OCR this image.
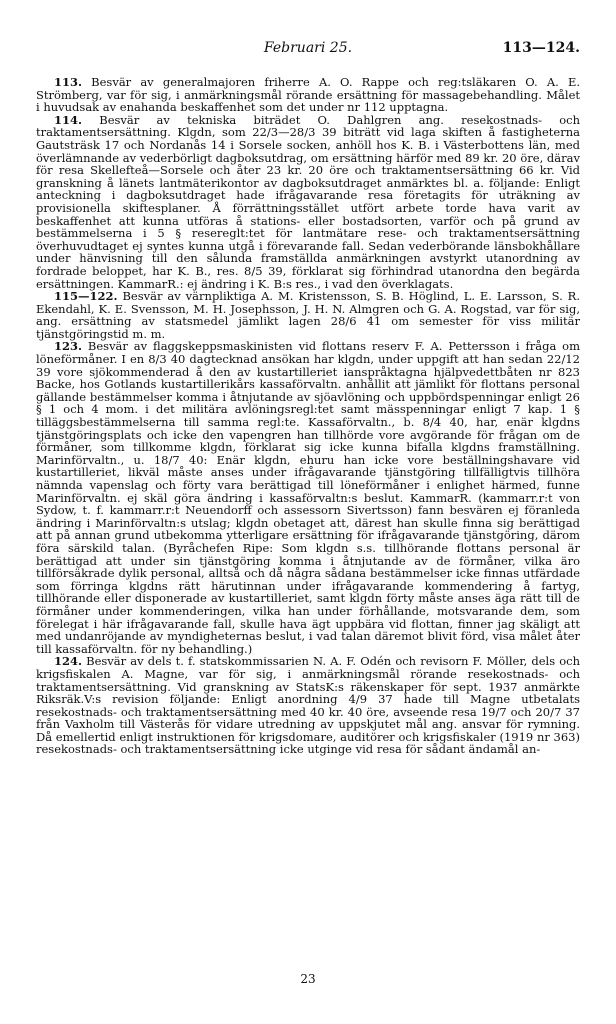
Februari 25.	113—124.

113. Besvär av generalmajoren friherre A. O. Rappe och reg:tsläkaren O. A. E. Strömberg, var för sig, i anmärkningsmål rörande ersättning för massagebehandling. Målet i huvudsak av enahanda beskaffenhet som det under nr 112 upptagna.

114. Besvär av tekniska biträdet O. Dahlgren ang. resekostnads- och traktamentsersättning. Klgdn, som 22/3—28/3 39 biträtt vid laga skiften å fastigheterna Gautsträsk 17 och Nordanås 14 i Sorsele socken, anhöll hos K. B. i Västerbottens län, med överlämnande av vederbörligt dagboksutdrag, om ersättning härför med 89 kr. 20 öre, därav för resa Skellefteå—Sorsele och åter 23 kr. 20 öre och traktamentsersättning 66 kr. Vid granskning å länets lantmäterikontor av dagboksutdraget anmärktes bl. a. följande: Enligt anteckning i dagboksutdraget hade ifrågavarande resa företagits för uträkning av provisionella skiftesplaner. Å förrättningsstället utfört arbete torde hava varit av beskaffenhet att kunna utföras å stations- eller bostadsorten, varför och på grund av bestämmelserna i 5 § resereglt:tet för lantmätare rese- och traktamentsersättning överhuvudtaget ej syntes kunna utgå i förevarande fall. Sedan vederbörande länsbokhållare under hänvisning till den sålunda framställda anmärkningen avstyrkt utanordning av fordrade beloppet, har K. B., res. 8/5 39, förklarat sig förhindrad utanordna den begärda ersättningen. KammarR.: ej ändring i K. B:s res., i vad den överklagats.

115—122. Besvär av värnpliktiga A. M. Kristensson, S. B. Höglind, L. E. Larsson, S. R. Ekendahl, K. E. Svensson, M. H. Josephsson, J. H. N. Almgren och G. A. Rogstad, var för sig, ang. ersättning av statsmedel jämlikt lagen 28/6 41 om semester för viss militär tjänstgöringstid m. m.

123. Besvär av flaggskeppsmaskinisten vid flottans reserv F. A. Pettersson i fråga om löneförmåner. I en 8/3 40 dagtecknad ansökan har klgdn, under uppgift att han sedan 22/12 39 vore sjökommenderad å den av kustartilleriet ianspråktagna hjälpvedettbåten nr 823 Backe, hos Gotlands kustartillerikårs kassaförvaltn. anhållit att jämlikt för flottans personal gällande bestämmelser komma i åtnjutande av sjöavlöning och uppbördspenningar enligt 26 § 1 och 4 mom. i det militära avlöningsregl:tet samt mässpenningar enligt 7 kap. 1 § tilläggsbestämmelserna till samma regl:te. Kassaförvaltn., b. 8/4 40, har, enär klgdns tjänstgöringsplats och icke den vapengren han tillhörde vore avgörande för frågan om de förmåner, som tillkomme klgdn, förklarat sig icke kunna bifalla klgdns framställning. Marinförvaltn., u. 18/7 40: Enär klgdn, ehuru han icke vore beställningshavare vid kustartilleriet, likväl måste anses under ifrågavarande tjänstgöring tillfälligtvis tillhöra nämnda vapenslag och förty vara berättigad till löneförmåner i enlighet härmed, funne Marinförvaltn. ej skäl göra ändring i kassaförvaltn:s beslut. KammarR. (kammarr.r:t von Sydow, t. f. kammarr.r:t Neuendorff och assessorn Sivertsson) fann besvären ej föranleda ändring i Marinförvaltn:s utslag; klgdn obetaget att, därest han skulle finna sig berättigad att på annan grund utbekomma ytterligare ersättning för ifrågavarande tjänstgöring, därom föra särskild talan. (Byråchefen Ripe: Som klgdn s.s. tillhörande flottans personal är berättigad att under sin tjänstgöring komma i åtnjutande av de förmåner, vilka äro tillförsäkrade dylik personal, alltså och då några sådana bestämmelser icke finnas utfärdade som förringa klgdns rätt härutinnan under ifrågavarande kommendering å fartyg, tillhörande eller disponerade av kustartilleriet, samt klgdn förty måste anses äga rätt till de förmåner under kommenderingen, vilka han under förhållande, motsvarande dem, som förelegat i här ifrågavarande fall, skulle hava ägt uppbära vid flottan, finner jag skäligt att med undanröjande av myndigheternas beslut, i vad talan däremot blivit förd, visa målet åter till kassaförvaltn. för ny behandling.)

124. Besvär av dels t. f. statskommissarien N. A. F. Odén och revisorn F. Möller, dels och krigsfiskalen A. Magne, var för sig, i anmärkningsmål rörande resekostnads- och traktamentsersättning. Vid granskning av StatsK:s räkenskaper för sept. 1937 anmärkte Riksräk.V:s revision följande: Enligt anordning 4/9 37 hade till Magne utbetalats resekostnads- och traktamentsersättning med 40 kr. 40 öre, avseende resa 19/7 och 20/7 37 från Vaxholm till Västerås för vidare utredning av uppskjutet mål ang. ansvar för rymning. Då emellertid enligt instruktionen för krigsdomare, auditörer och krigsfiskaler (1919 nr 363) resekostnads- och traktamentsersättning icke utginge vid resa för sådant ändamål an-

23
